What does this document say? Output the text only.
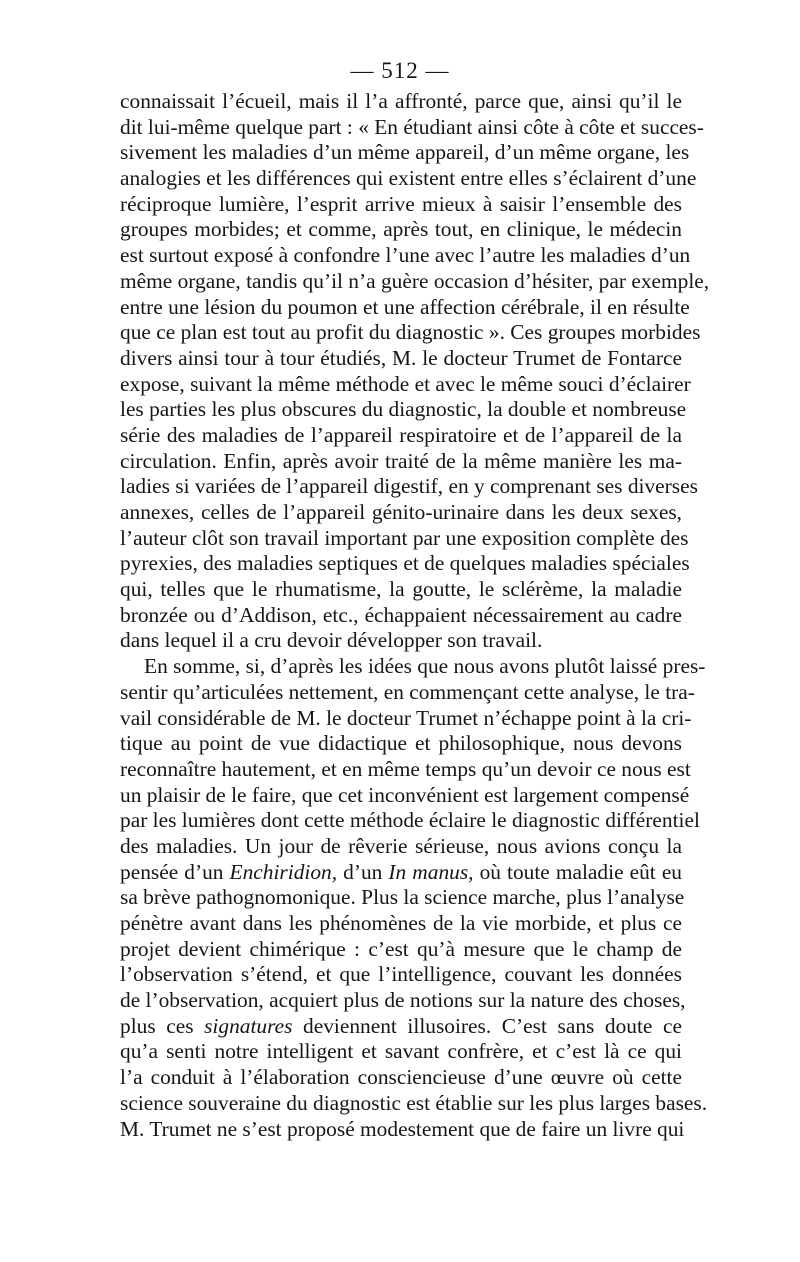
— 512 —
connaissait l’écueil, mais il l’a affronté, parce que, ainsi qu’il le
dit lui-même quelque part : « En étudiant ainsi côte à côte et succes-
sivement les maladies d’un même appareil, d’un même organe, les
analogies et les différences qui existent entre elles s’éclairent d’une
réciproque lumière, l’esprit arrive mieux à saisir l’ensemble des
groupes morbides; et comme, après tout, en clinique, le médecin
est surtout exposé à confondre l’une avec l’autre les maladies d’un
même organe, tandis qu’il n’a guère occasion d’hésiter, par exemple,
entre une lésion du poumon et une affection cérébrale, il en résulte
que ce plan est tout au profit du diagnostic ». Ces groupes morbides
divers ainsi tour à tour étudiés, M. le docteur Trumet de Fontarce
expose, suivant la même méthode et avec le même souci d’éclairer
les parties les plus obscures du diagnostic, la double et nombreuse
série des maladies de l’appareil respiratoire et de l’appareil de la
circulation. Enfin, après avoir traité de la même manière les ma-
ladies si variées de l’appareil digestif, en y comprenant ses diverses
annexes, celles de l’appareil génito-urinaire dans les deux sexes,
l’auteur clôt son travail important par une exposition complète des
pyrexies, des maladies septiques et de quelques maladies spéciales
qui, telles que le rhumatisme, la goutte, le sclérème, la maladie
bronzée ou d’Addison, etc., échappaient nécessairement au cadre
dans lequel il a cru devoir développer son travail.
En somme, si, d’après les idées que nous avons plutôt laissé pres-
sentir qu’articulées nettement, en commençant cette analyse, le tra-
vail considérable de M. le docteur Trumet n’échappe point à la cri-
tique au point de vue didactique et philosophique, nous devons
reconnaître hautement, et en même temps qu’un devoir ce nous est
un plaisir de le faire, que cet inconvénient est largement compensé
par les lumières dont cette méthode éclaire le diagnostic différentiel
des maladies. Un jour de rêverie sérieuse, nous avions conçu la
pensée d’un Enchiridion, d’un In manus, où toute maladie eût eu
sa brève pathognomonique. Plus la science marche, plus l’analyse
pénètre avant dans les phénomènes de la vie morbide, et plus ce
projet devient chimérique : c’est qu’à mesure que le champ de
l’observation s’étend, et que l’intelligence, couvant les données
de l’observation, acquiert plus de notions sur la nature des choses,
plus ces signatures deviennent illusoires. C’est sans doute ce
qu’a senti notre intelligent et savant confrère, et c’est là ce qui
l’a conduit à l’élaboration consciencieuse d’une œuvre où cette
science souveraine du diagnostic est établie sur les plus larges bases.
M. Trumet ne s’est proposé modestement que de faire un livre qui
